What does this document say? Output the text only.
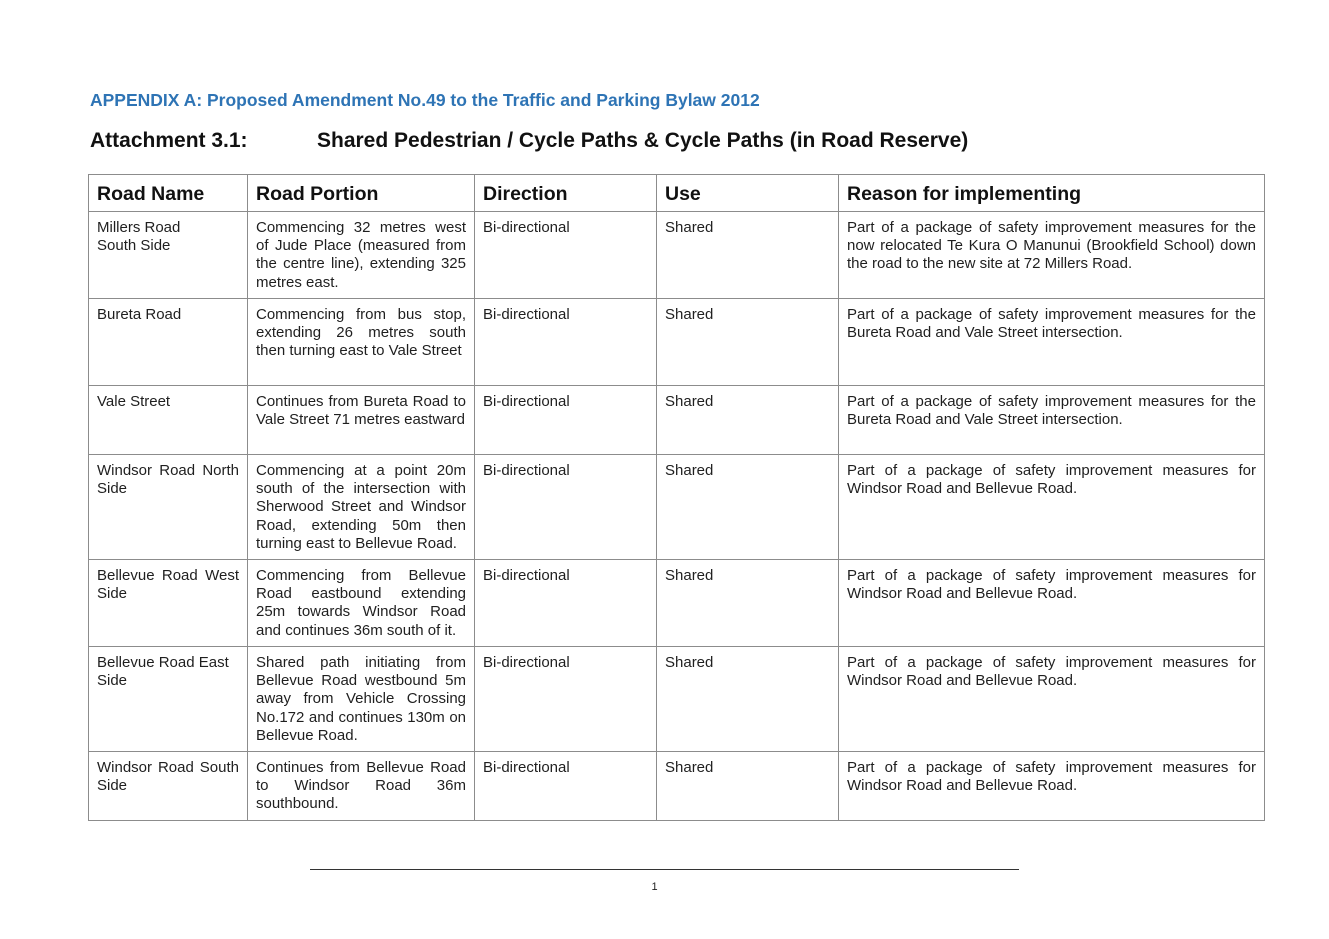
APPENDIX A: Proposed Amendment No.49 to the Traffic and Parking Bylaw 2012
Attachment 3.1:	Shared Pedestrian / Cycle Paths & Cycle Paths (in Road Reserve)
Road Name	Road Portion	Direction	Use	Reason for implementing
Millers Road
South Side	Commencing 32 metres west of Jude Place (measured from the centre line), extending 325 metres east.	Bi-directional	Shared	Part of a package of safety improvement measures for the now relocated Te Kura O Manunui (Brookfield School) down the road to the new site at 72 Millers Road.
Bureta Road	Commencing from bus stop, extending 26 metres south then turning east to Vale Street	Bi-directional	Shared	Part of a package of safety improvement measures for the Bureta Road and Vale Street intersection.
Vale Street	Continues from Bureta Road to Vale Street 71 metres eastward	Bi-directional	Shared	Part of a package of safety improvement measures for the Bureta Road and Vale Street intersection.
Windsor Road North Side	Commencing at a point 20m south of the intersection with Sherwood Street and Windsor Road, extending 50m then turning east to Bellevue Road.	Bi-directional	Shared	Part of a package of safety improvement measures for Windsor Road and Bellevue Road.
Bellevue Road West Side	Commencing from Bellevue Road eastbound extending 25m towards Windsor Road and continues 36m south of it.	Bi-directional	Shared	Part of a package of safety improvement measures for Windsor Road and Bellevue Road.
Bellevue Road East Side	Shared path initiating from Bellevue Road westbound 5m away from Vehicle Crossing No.172 and continues 130m on Bellevue Road.	Bi-directional	Shared	Part of a package of safety improvement measures for Windsor Road and Bellevue Road.
Windsor Road South Side	Continues from Bellevue Road to Windsor Road 36m southbound.	Bi-directional	Shared	Part of a package of safety improvement measures for Windsor Road and Bellevue Road.
1
